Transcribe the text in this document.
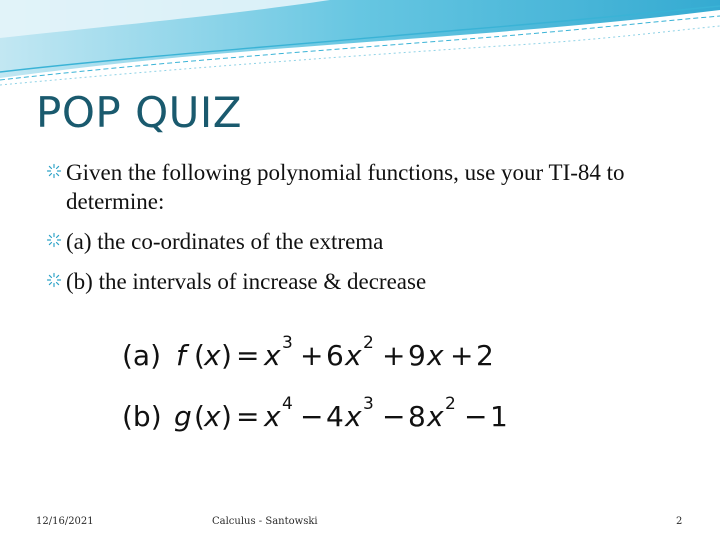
POP QUIZ
Given the following polynomial functions, use your TI-84 to determine:
(a) the co-ordinates of the extrema
(b) the intervals of increase & decrease
(a) f ( x ) = x 3 + 6 x 2 + 9 x + 2
(b) g ( x ) = x 4 − 4 x 3 − 8 x 2 − 1
12/16/2021	Calculus - Santowski	2
